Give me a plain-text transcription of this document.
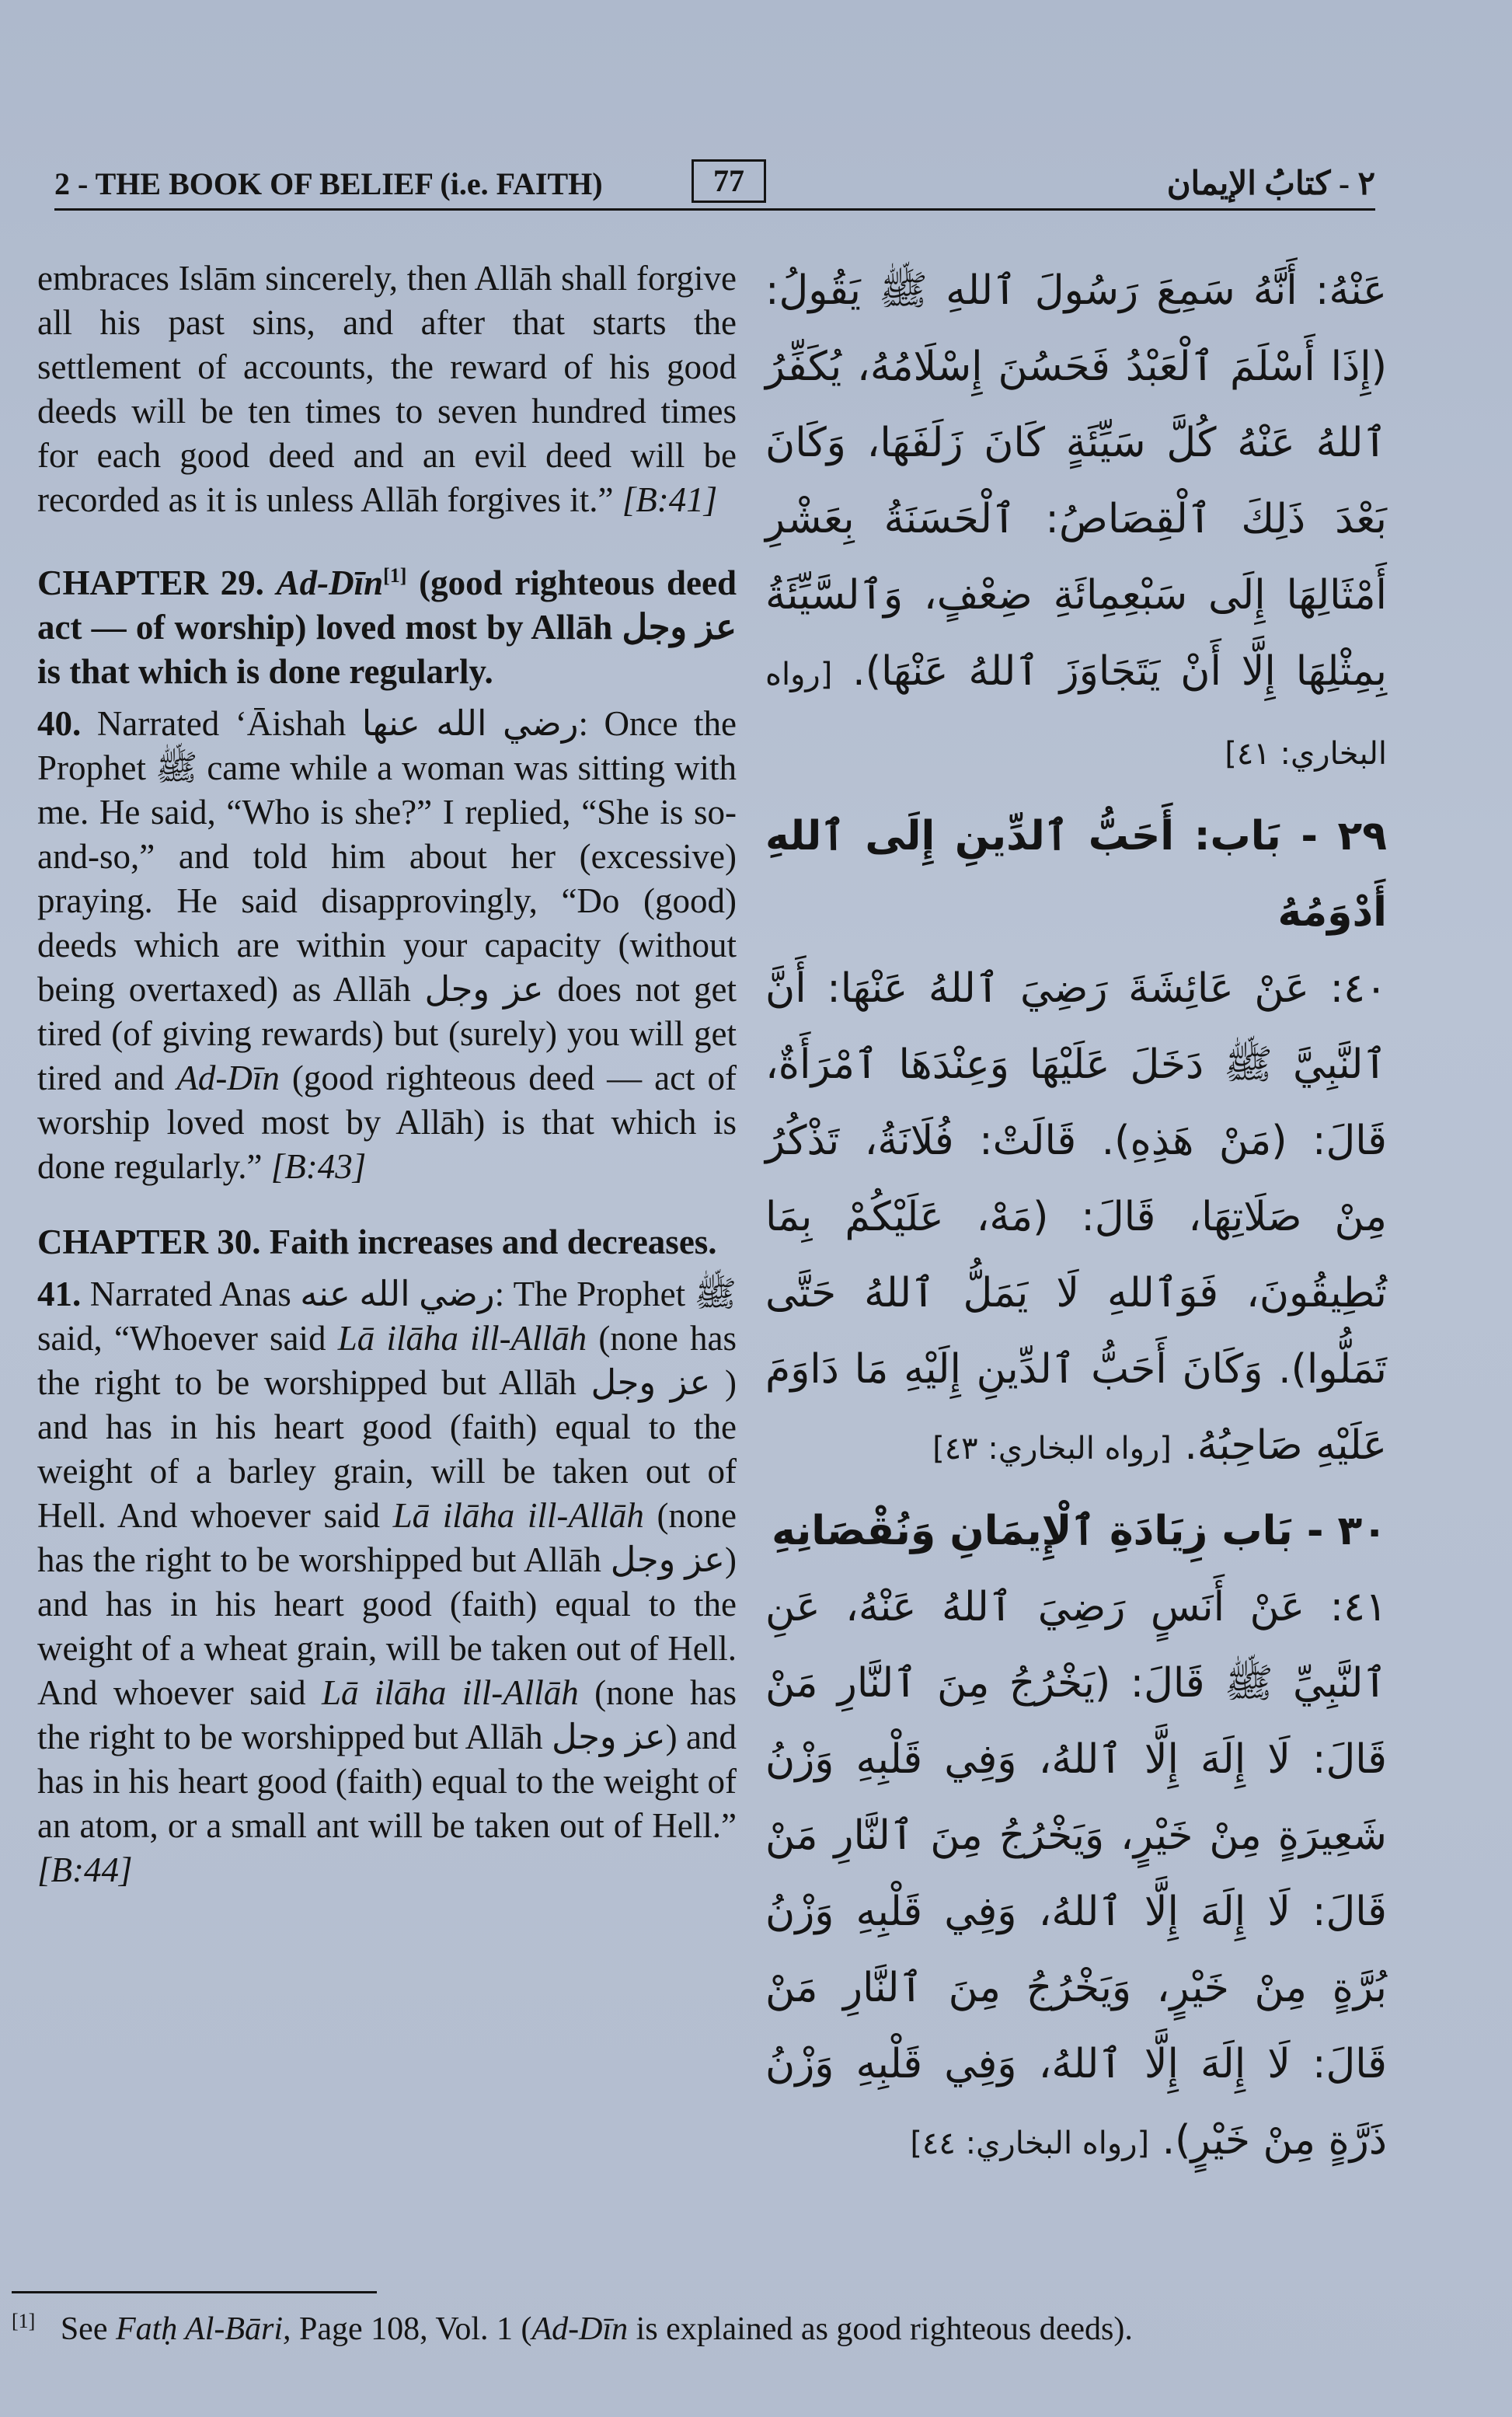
2 - THE BOOK OF BELIEF (i.e. FAITH)	77	٢ - كتابُ الإيمان

embraces Islām sincerely, then Allāh shall forgive all his past sins, and after that starts the settlement of accounts, the reward of his good deeds will be ten times to seven hundred times for each good deed and an evil deed will be recorded as it is unless Allāh forgives it.” [B:41]

CHAPTER 29. Ad-Dīn[1] (good righteous deed act — of worship) loved most by Allāh عز وجل is that which is done regularly.

40. Narrated ‘Āishah رضي الله عنها: Once the Prophet ﷺ came while a woman was sitting with me. He said, “Who is she?” I replied, “She is so-and-so,” and told him about her (excessive) praying. He said disapprovingly, “Do (good) deeds which are within your capacity (without being overtaxed) as Allāh عز وجل does not get tired (of giving rewards) but (surely) you will get tired and Ad-Dīn (good righteous deed — act of worship loved most by Allāh) is that which is done regularly.” [B:43]

CHAPTER 30. Faith increases and decreases.

41. Narrated Anas رضي الله عنه: The Prophet ﷺ said, “Whoever said Lā ilāha ill-Allāh (none has the right to be worshipped but Allāh عز وجل ) and has in his heart good (faith) equal to the weight of a barley grain, will be taken out of Hell. And whoever said Lā ilāha ill-Allāh (none has the right to be worshipped but Allāh عز وجل) and has in his heart good (faith) equal to the weight of a wheat grain, will be taken out of Hell. And whoever said Lā ilāha ill-Allāh (none has the right to be worshipped but Allāh عز وجل) and has in his heart good (faith) equal to the weight of an atom, or a small ant will be taken out of Hell.” [B:44]

عَنْهُ: أَنَّهُ سَمِعَ رَسُولَ ٱللهِ ﷺ يَقُولُ: (إِذَا أَسْلَمَ ٱلْعَبْدُ فَحَسُنَ إِسْلَامُهُ، يُكَفِّرُ ٱللهُ عَنْهُ كُلَّ سَيِّئَةٍ كَانَ زَلَفَهَا، وَكَانَ بَعْدَ ذَلِكَ ٱلْقِصَاصُ: ٱلْحَسَنَةُ بِعَشْرِ أَمْثَالِهَا إِلَى سَبْعِمِائَةِ ضِعْفٍ، وَٱلسَّيِّئَةُ بِمِثْلِهَا إِلَّا أَنْ يَتَجَاوَزَ ٱللهُ عَنْهَا). [رواه البخاري: ٤١]

٢٩ - بَاب: أَحَبُّ ٱلدِّينِ إِلَى ٱللهِ أَدْوَمُهُ

٤٠: عَنْ عَائِشَةَ رَضِيَ ٱللهُ عَنْهَا: أَنَّ ٱلنَّبِيَّ ﷺ دَخَلَ عَلَيْهَا وَعِنْدَهَا ٱمْرَأَةٌ، قَالَ: (مَنْ هَذِهِ). قَالَتْ: فُلَانَةُ، تَذْكُرُ مِنْ صَلَاتِهَا، قَالَ: (مَهْ، عَلَيْكُمْ بِمَا تُطِيقُونَ، فَوَٱللهِ لَا يَمَلُّ ٱللهُ حَتَّى تَمَلُّوا). وَكَانَ أَحَبُّ ٱلدِّينِ إِلَيْهِ مَا دَاوَمَ عَلَيْهِ صَاحِبُهُ. [رواه البخاري: ٤٣]

٣٠ - بَاب زِيَادَةِ ٱلْإِيمَانِ وَنُقْصَانِهِ

٤١: عَنْ أَنَسٍ رَضِيَ ٱللهُ عَنْهُ، عَنِ ٱلنَّبِيِّ ﷺ قَالَ: (يَخْرُجُ مِنَ ٱلنَّارِ مَنْ قَالَ: لَا إِلَهَ إِلَّا ٱللهُ، وَفِي قَلْبِهِ وَزْنُ شَعِيرَةٍ مِنْ خَيْرٍ، وَيَخْرُجُ مِنَ ٱلنَّارِ مَنْ قَالَ: لَا إِلَهَ إِلَّا ٱللهُ، وَفِي قَلْبِهِ وَزْنُ بُرَّةٍ مِنْ خَيْرٍ، وَيَخْرُجُ مِنَ ٱلنَّارِ مَنْ قَالَ: لَا إِلَهَ إِلَّا ٱللهُ، وَفِي قَلْبِهِ وَزْنُ ذَرَّةٍ مِنْ خَيْرٍ). [رواه البخاري: ٤٤]

[1] See Fatḥ Al-Bāri, Page 108, Vol. 1 (Ad-Dīn is explained as good righteous deeds).
